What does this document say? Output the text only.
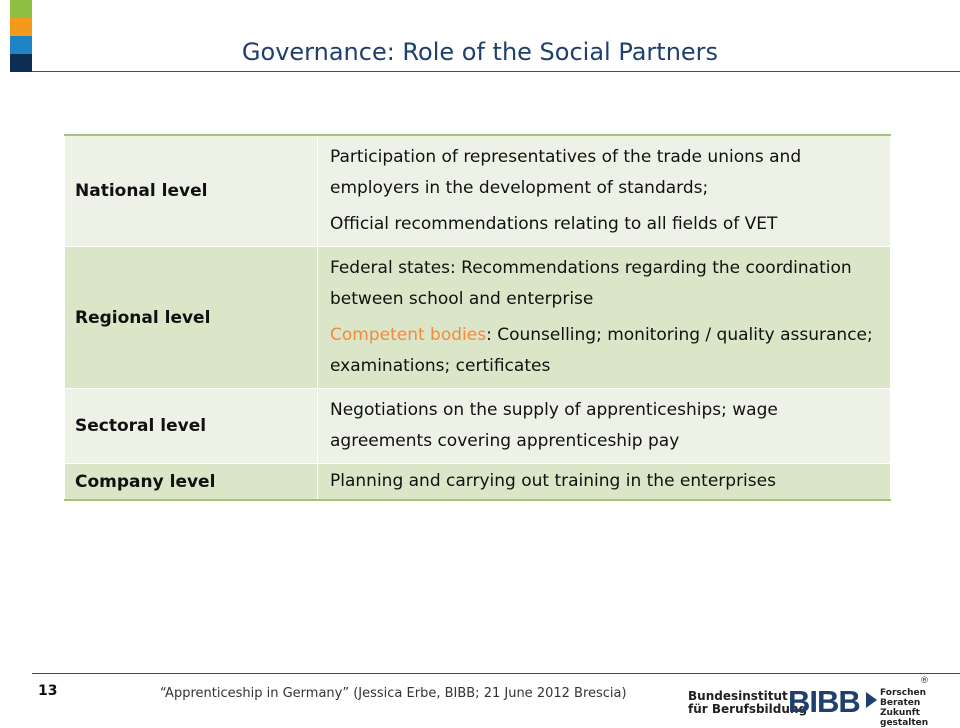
Governance: Role of the Social Partners
National level	Participation of representatives of the trade unions and employers in the development of standards;

Official recommendations relating to all fields of VET

Regional level	Federal states: Recommendations regarding the coordination between school and enterprise

Competent bodies: Counselling; monitoring / quality assurance; examinations; certificates

Sectoral level	Negotiations on the supply of apprenticeships; wage agreements covering apprenticeship pay
Company level	Planning and carrying out training in the enterprises
13	“Apprenticeship in Germany” (Jessica Erbe, BIBB; 21 June 2012 Brescia)
®
Bundesinstitut
für Berufsbildung
BIBB Forschen
Beraten
Zukunft gestalten
